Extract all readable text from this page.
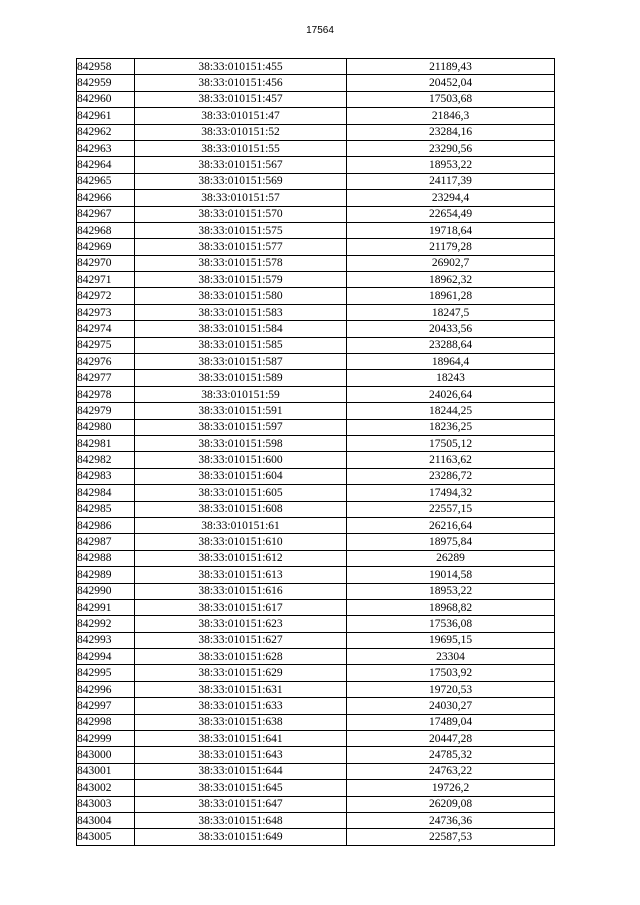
17564
842958	38:33:010151:455	21189,43
842959	38:33:010151:456	20452,04
842960	38:33:010151:457	17503,68
842961	38:33:010151:47	21846,3
842962	38:33:010151:52	23284,16
842963	38:33:010151:55	23290,56
842964	38:33:010151:567	18953,22
842965	38:33:010151:569	24117,39
842966	38:33:010151:57	23294,4
842967	38:33:010151:570	22654,49
842968	38:33:010151:575	19718,64
842969	38:33:010151:577	21179,28
842970	38:33:010151:578	26902,7
842971	38:33:010151:579	18962,32
842972	38:33:010151:580	18961,28
842973	38:33:010151:583	18247,5
842974	38:33:010151:584	20433,56
842975	38:33:010151:585	23288,64
842976	38:33:010151:587	18964,4
842977	38:33:010151:589	18243
842978	38:33:010151:59	24026,64
842979	38:33:010151:591	18244,25
842980	38:33:010151:597	18236,25
842981	38:33:010151:598	17505,12
842982	38:33:010151:600	21163,62
842983	38:33:010151:604	23286,72
842984	38:33:010151:605	17494,32
842985	38:33:010151:608	22557,15
842986	38:33:010151:61	26216,64
842987	38:33:010151:610	18975,84
842988	38:33:010151:612	26289
842989	38:33:010151:613	19014,58
842990	38:33:010151:616	18953,22
842991	38:33:010151:617	18968,82
842992	38:33:010151:623	17536,08
842993	38:33:010151:627	19695,15
842994	38:33:010151:628	23304
842995	38:33:010151:629	17503,92
842996	38:33:010151:631	19720,53
842997	38:33:010151:633	24030,27
842998	38:33:010151:638	17489,04
842999	38:33:010151:641	20447,28
843000	38:33:010151:643	24785,32
843001	38:33:010151:644	24763,22
843002	38:33:010151:645	19726,2
843003	38:33:010151:647	26209,08
843004	38:33:010151:648	24736,36
843005	38:33:010151:649	22587,53
